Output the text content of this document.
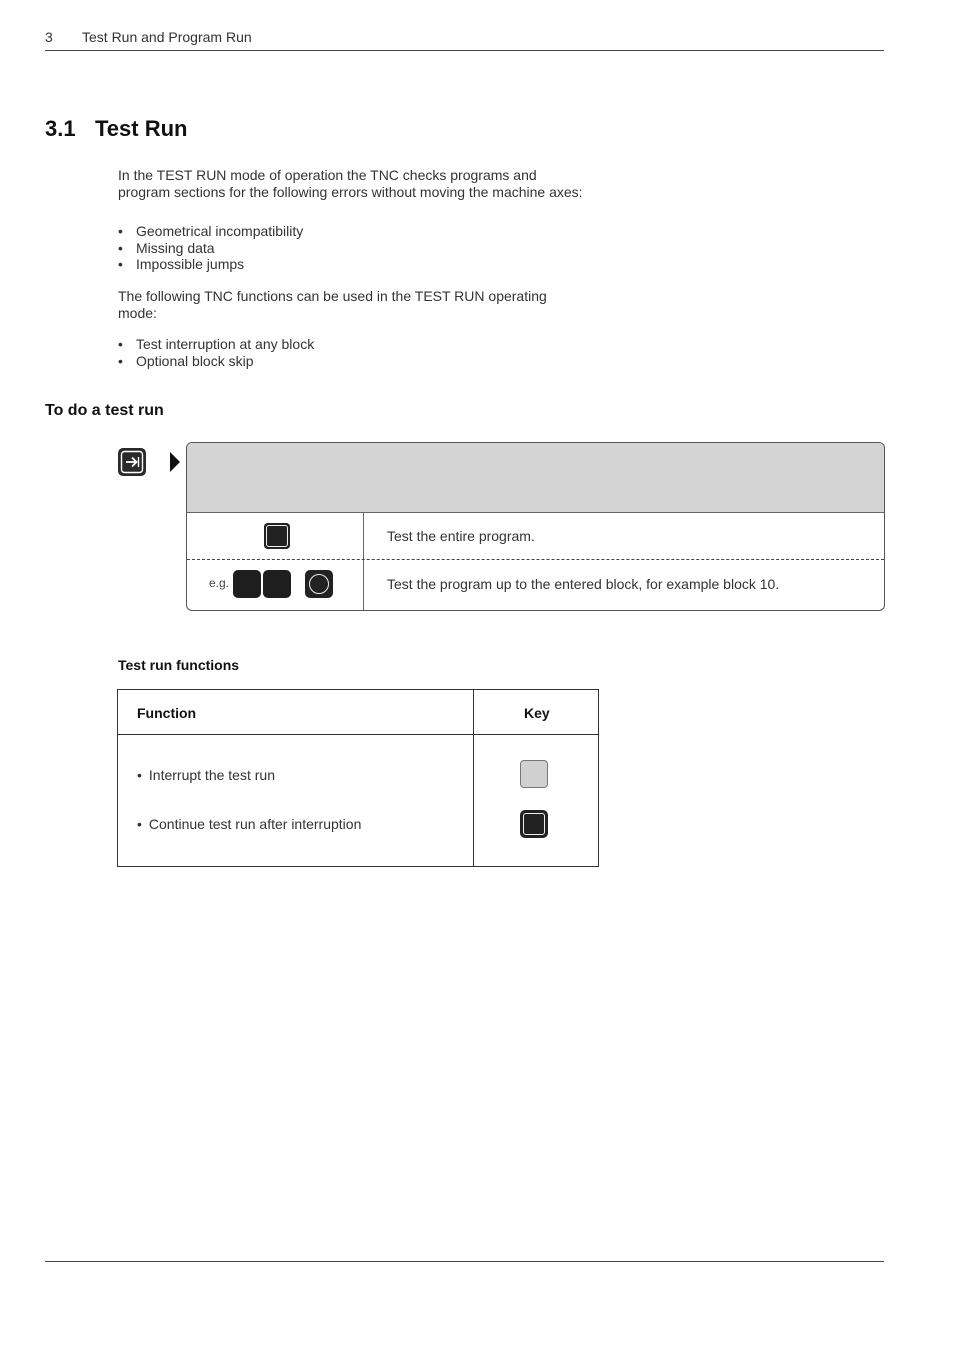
3 Test Run and Program Run
3.1 Test Run
In the TEST RUN mode of operation the TNC checks programs and program sections for the following errors without moving the machine axes:
• Geometrical incompatibility
• Missing data
• Impossible jumps
The following TNC functions can be used in the TEST RUN operating mode:
• Test interruption at any block
• Optional block skip
To do a test run
Test the entire program.
e.g.	Test the program up to the entered block, for example block 10.
Test run functions
Function	Key
• Interrupt the test run
• Continue test run after interruption
